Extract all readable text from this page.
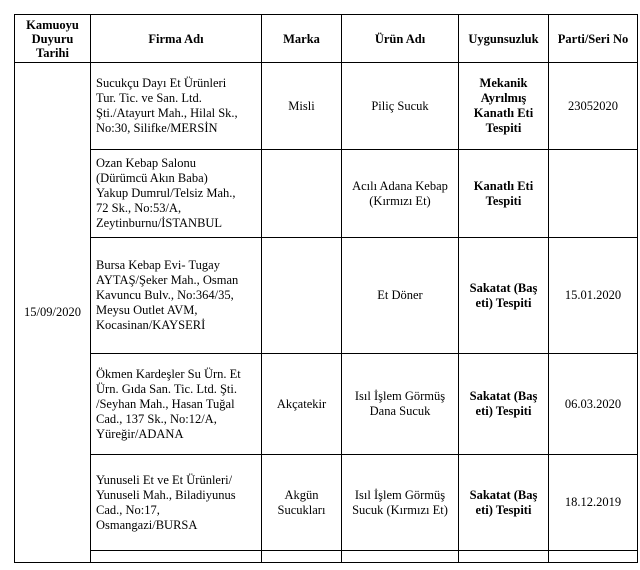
Kamuoyu
Duyuru
Tarihi	Firma Adı	Marka	Ürün Adı	Uygunsuzluk	Parti/Seri No
15/09/2020	Sucukçu Dayı Et Ürünleri
Tur. Tic. ve San. Ltd.
Şti./Atayurt Mah., Hilal Sk.,
No:30, Silifke/MERSİN	Misli	Piliç Sucuk	Mekanik
Ayrılmış
Kanatlı Eti
Tespiti	23052020
	Ozan Kebap Salonu
(Dürümcü Akın Baba)
Yakup Dumrul/Telsiz Mah.,
72 Sk., No:53/A,
Zeytinburnu/İSTANBUL		Acılı Adana Kebap
(Kırmızı Et)	Kanatlı Eti
Tespiti	
	Bursa Kebap Evi- Tugay
AYTAŞ/Şeker Mah., Osman
Kavuncu Bulv., No:364/35,
Meysu Outlet AVM,
Kocasinan/KAYSERİ		Et Döner	Sakatat (Baş
eti) Tespiti	15.01.2020
	Ökmen Kardeşler Su Ürn. Et
Ürn. Gıda San. Tic. Ltd. Şti.
/Seyhan Mah., Hasan Tuğal
Cad., 137 Sk., No:12/A,
Yüreğir/ADANA	Akçatekir	Isıl İşlem Görmüş
Dana Sucuk	Sakatat (Baş
eti) Tespiti	06.03.2020
	Yunuseli Et ve Et Ürünleri/
Yunuseli Mah., Biladiyunus
Cad., No:17,
Osmangazi/BURSA	Akgün
Sucukları	Isıl İşlem Görmüş
Sucuk (Kırmızı Et)	Sakatat (Baş
eti) Tespiti	18.12.2019
